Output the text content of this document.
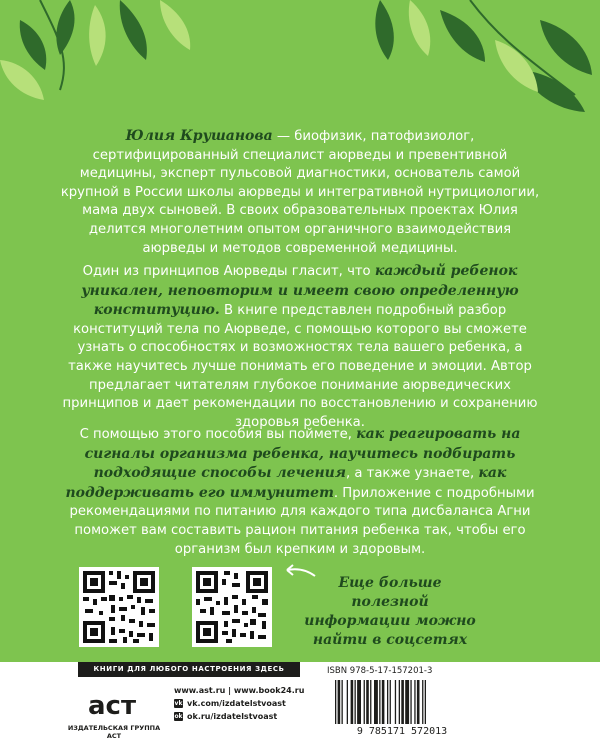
Юлия Крушанова — биофизик, патофизиолог, сертифицированный специалист аюрведы и превентивной медицины, эксперт пульсовой диагностики, основатель самой крупной в России школы аюрведы и интегративной нутрициологии, мама двух сыновей. В своих образовательных проектах Юлия делится многолетним опытом органичного взаимодействия аюрведы и методов современной медицины.
Один из принципов Аюрведы гласит, что каждый ребенок уникален, неповторим и имеет свою определенную конституцию. В книге представлен подробный разбор конституций тела по Аюрведе, с помощью которого вы сможете узнать о способностях и возможностях тела вашего ребенка, а также научитесь лучше понимать его поведение и эмоции. Автор предлагает читателям глубокое понимание аюрведических принципов и дает рекомендации по восстановлению и сохранению здоровья ребенка.
С помощью этого пособия вы поймете, как реагировать на сигналы организма ребенка, научитесь подбирать подходящие способы лечения, а также узнаете, как поддерживать его иммунитет. Приложение с подробными рекомендациями по питанию для каждого типа дисбаланса Агни поможет вам составить рацион питания ребенка так, чтобы его организм был крепким и здоровым.
Еще больше полезной информации можно найти в соцсетях
КНИГИ ДЛЯ ЛЮБОГО НАСТРОЕНИЯ ЗДЕСЬ
аст
ИЗДАТЕЛЬСКАЯ ГРУППА АСТ
www.ast.ru | www.book24.ru
vk vk.com/izdatelstvoast
ok ok.ru/izdatelstvoast
ISBN 978-5-17-157201-3
9 785171 572013
